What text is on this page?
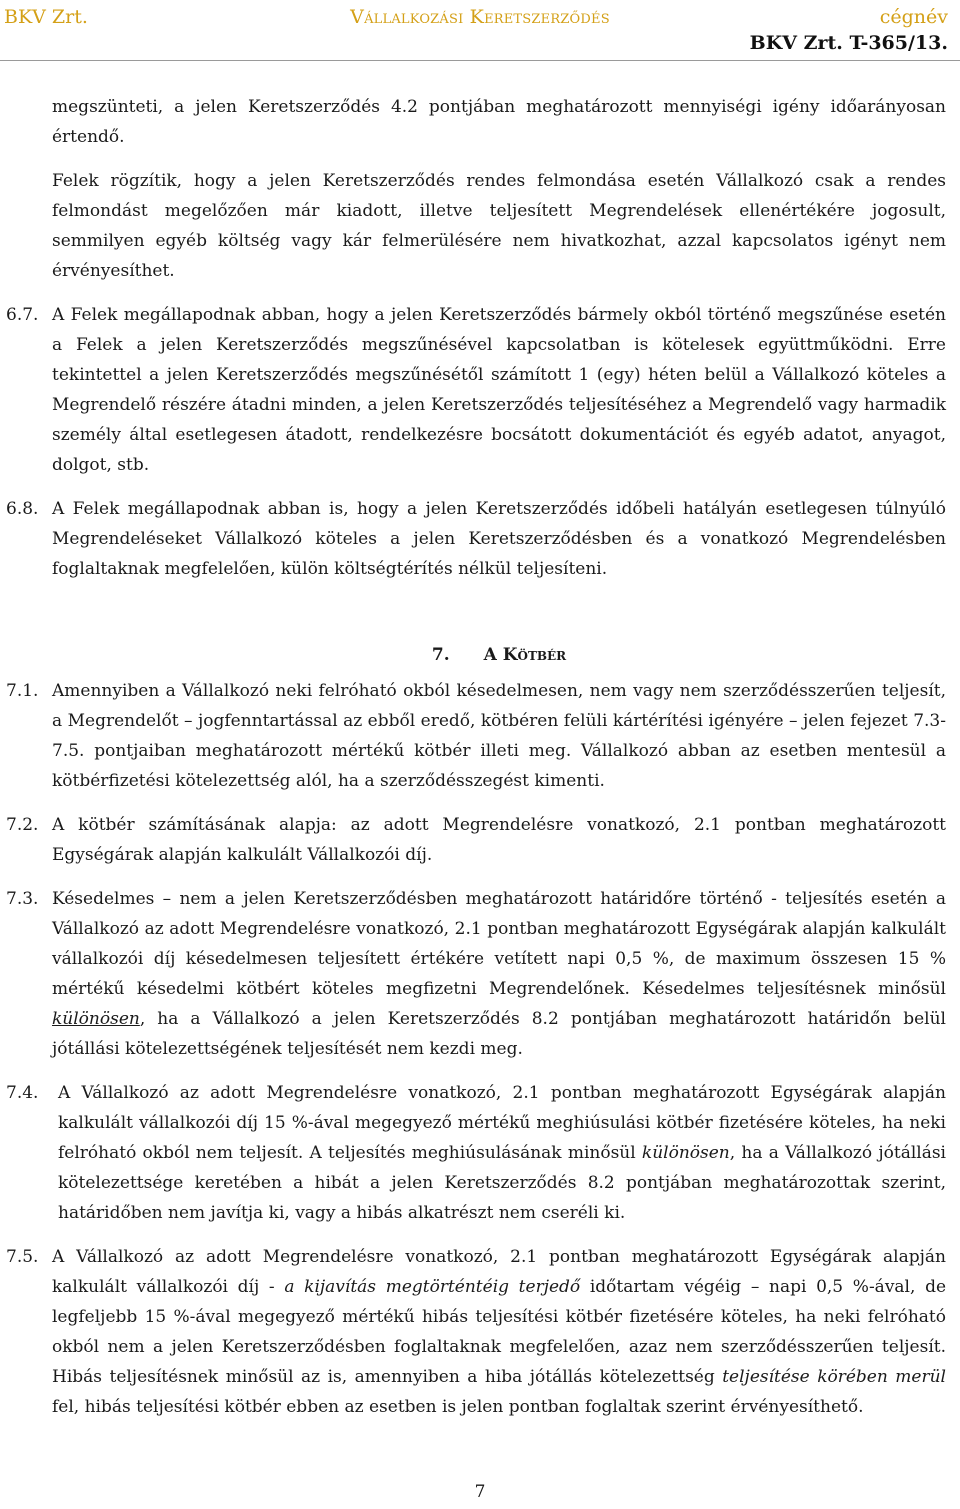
BKV Zrt.	Vállalkozási Keretszerződés	cégnév
BKV Zrt. T-365/13.

megszünteti, a jelen Keretszerződés 4.2 pontjában meghatározott mennyiségi igény időarányosan értendő.

Felek rögzítik, hogy a jelen Keretszerződés rendes felmondása esetén Vállalkozó csak a rendes felmondást megelőzően már kiadott, illetve teljesített Megrendelések ellenértékére jogosult, semmilyen egyéb költség vagy kár felmerülésére nem hivatkozhat, azzal kapcsolatos igényt nem érvényesíthet.

6.7. A Felek megállapodnak abban, hogy a jelen Keretszerződés bármely okból történő megszűnése esetén a Felek a jelen Keretszerződés megszűnésével kapcsolatban is kötelesek együttműködni. Erre tekintettel a jelen Keretszerződés megszűnésétől számított 1 (egy) héten belül a Vállalkozó köteles a Megrendelő részére átadni minden, a jelen Keretszerződés teljesítéséhez a Megrendelő vagy harmadik személy által esetlegesen átadott, rendelkezésre bocsátott dokumentációt és egyéb adatot, anyagot, dolgot, stb.

6.8. A Felek megállapodnak abban is, hogy a jelen Keretszerződés időbeli hatályán esetlegesen túlnyúló Megrendeléseket Vállalkozó köteles a jelen Keretszerződésben és a vonatkozó Megrendelésben foglaltaknak megfelelően, külön költségtérítés nélkül teljesíteni.

7. A Kötbér
7.1. Amennyiben a Vállalkozó neki felróható okból késedelmesen, nem vagy nem szerződésszerűen teljesít, a Megrendelőt – jogfenntartással az ebből eredő, kötbéren felüli kártérítési igényére – jelen fejezet 7.3-7.5. pontjaiban meghatározott mértékű kötbér illeti meg. Vállalkozó abban az esetben mentesül a kötbérfizetési kötelezettség alól, ha a szerződésszegést kimenti.

7.2. A kötbér számításának alapja: az adott Megrendelésre vonatkozó, 2.1 pontban meghatározott Egységárak alapján kalkulált Vállalkozói díj.

7.3. Késedelmes – nem a jelen Keretszerződésben meghatározott határidőre történő - teljesítés esetén a Vállalkozó az adott Megrendelésre vonatkozó, 2.1 pontban meghatározott Egységárak alapján kalkulált vállalkozói díj késedelmesen teljesített értékére vetített napi 0,5 %, de maximum összesen 15 % mértékű késedelmi kötbért köteles megfizetni Megrendelőnek. Késedelmes teljesítésnek minősül különösen, ha a Vállalkozó a jelen Keretszerződés 8.2 pontjában meghatározott határidőn belül jótállási kötelezettségének teljesítését nem kezdi meg.

7.4.	A Vállalkozó az adott Megrendelésre vonatkozó, 2.1 pontban meghatározott Egységárak alapján kalkulált vállalkozói díj 15 %-ával megegyező mértékű meghiúsulási kötbér fizetésére köteles, ha neki felróható okból nem teljesít. A teljesítés meghiúsulásának minősül különösen, ha a Vállalkozó jótállási kötelezettsége keretében a hibát a jelen Keretszerződés 8.2 pontjában meghatározottak szerint, határidőben nem javítja ki, vagy a hibás alkatrészt nem cseréli ki.

7.5. A Vállalkozó az adott Megrendelésre vonatkozó, 2.1 pontban meghatározott Egységárak alapján kalkulált vállalkozói díj - a kijavítás megtörténtéig terjedő időtartam végéig – napi 0,5 %-ával, de legfeljebb 15 %-ával megegyező mértékű hibás teljesítési kötbér fizetésére köteles, ha neki felróható okból nem a jelen Keretszerződésben foglaltaknak megfelelően, azaz nem szerződésszerűen teljesít. Hibás teljesítésnek minősül az is, amennyiben a hiba jótállás kötelezettség teljesítése körében merül fel, hibás teljesítési kötbér ebben az esetben is jelen pontban foglaltak szerint érvényesíthető.

7
